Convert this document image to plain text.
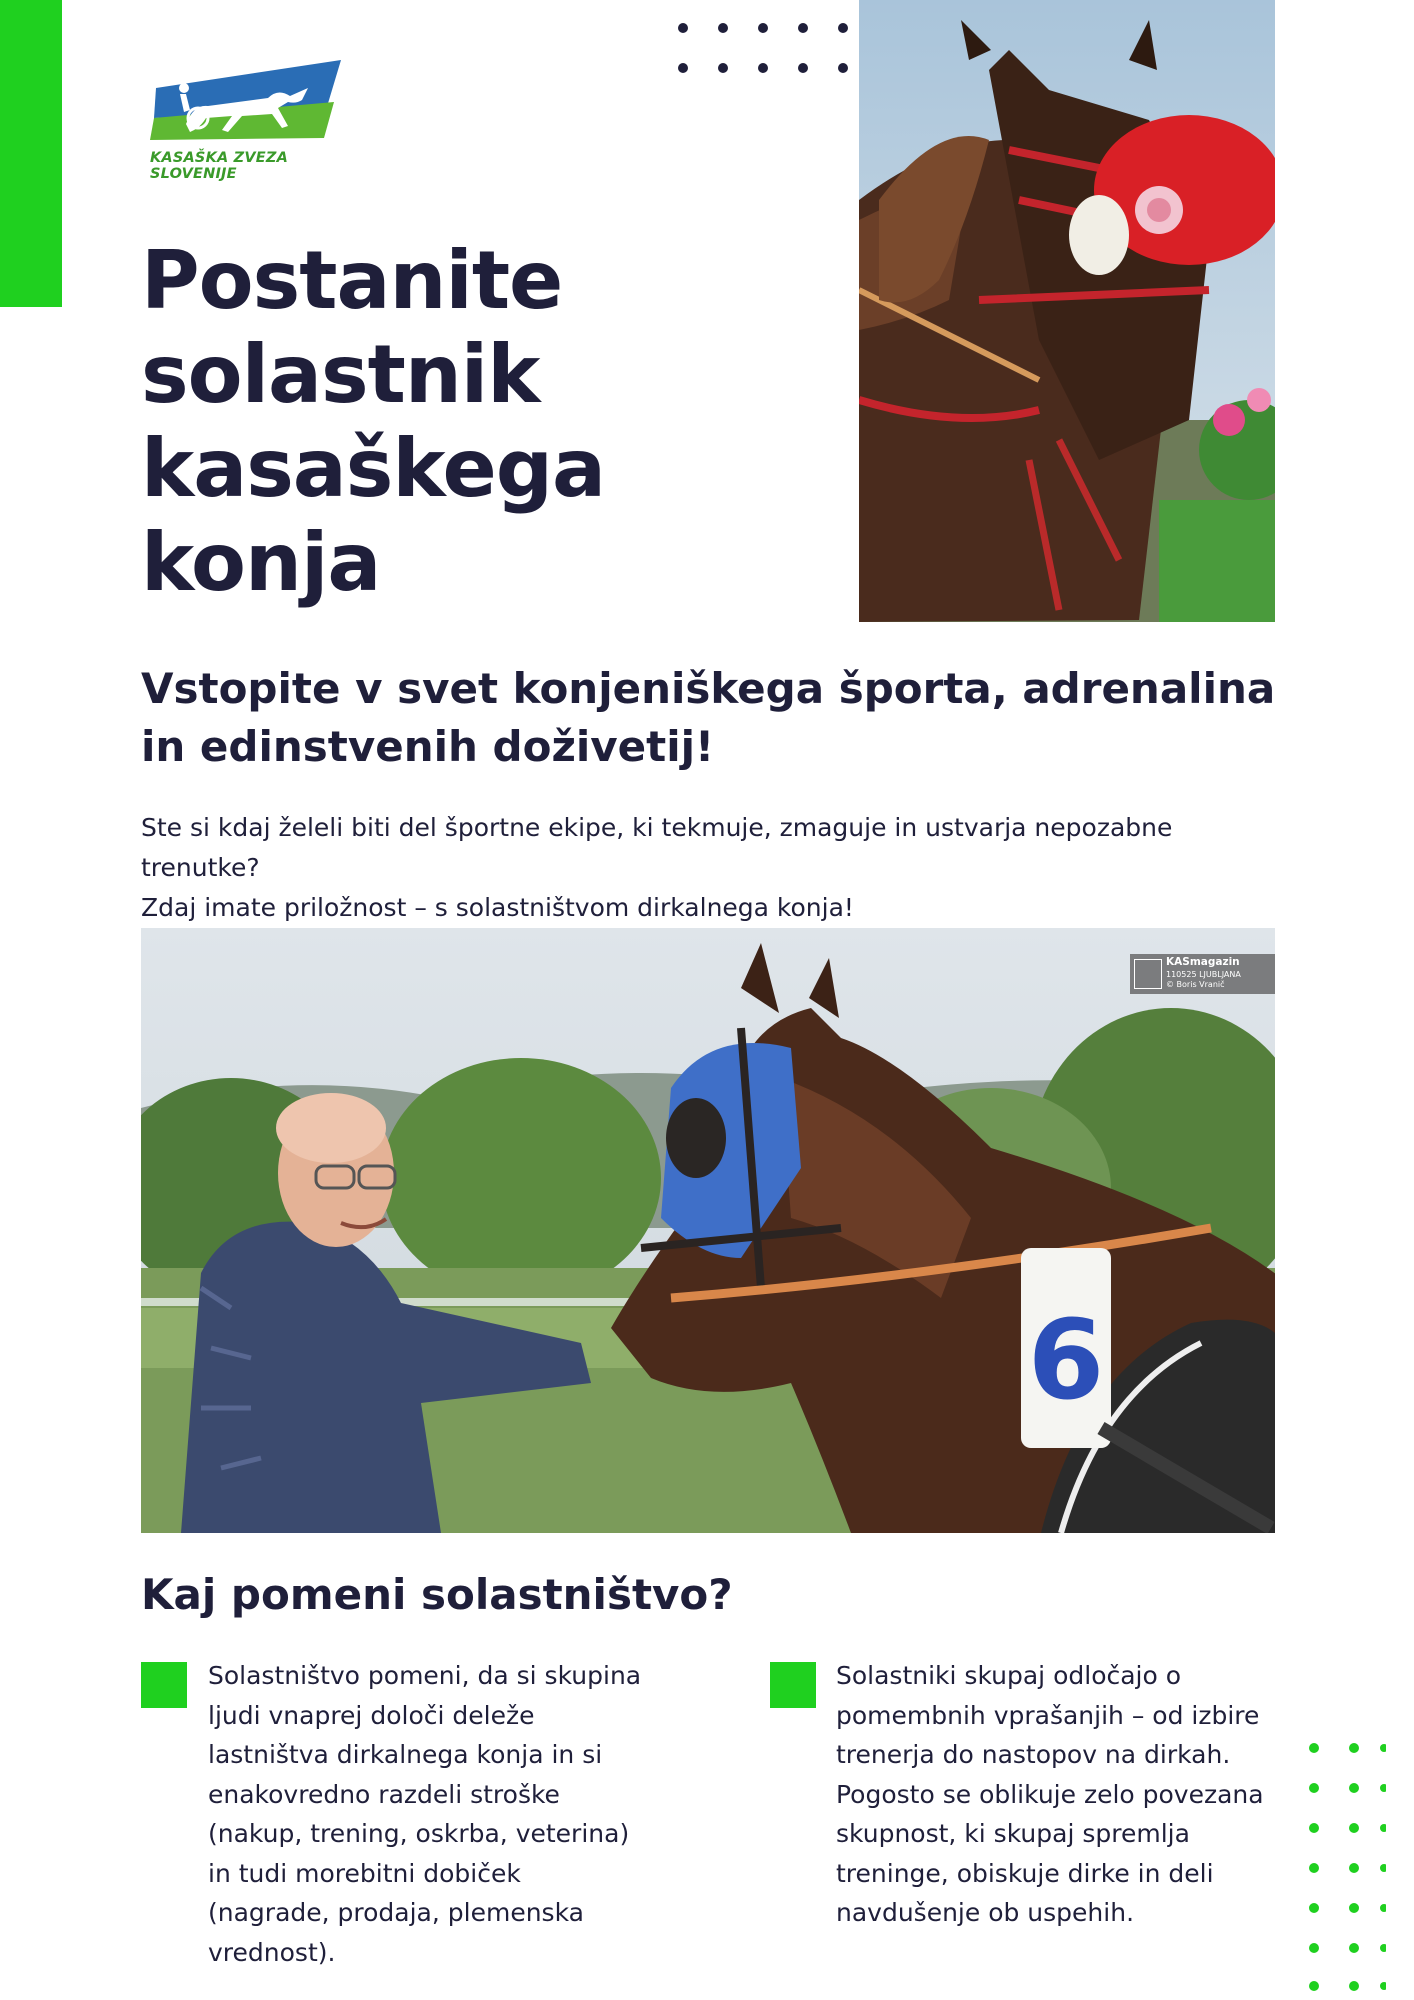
KASAŠKA ZVEZA SLOVENIJE
Postanite solastnik kasaškega konja
Vstopite v svet konjeniškega športa, adrenalina in edinstvenih doživetij!

Ste si kdaj želeli biti del športne ekipe, ki tekmuje, zmaguje in ustvarja nepozabne trenutke?
Zdaj imate priložnost – s solastništvom dirkalnega konja!

6
KASmagazin
110525 LJUBLJANA
© Boris Vranič
Kaj pomeni solastništvo?

Solastništvo pomeni, da si skupina ljudi vnaprej določi deleže lastništva dirkalnega konja in si enakovredno razdeli stroške (nakup, trening, oskrba, veterina) in tudi morebitni dobiček (nagrade, prodaja, plemenska vrednost).

Solastniki skupaj odločajo o pomembnih vprašanjih – od izbire trenerja do nastopov na dirkah. Pogosto se oblikuje zelo povezana skupnost, ki skupaj spremlja treninge, obiskuje dirke in deli navdušenje ob uspehih.
